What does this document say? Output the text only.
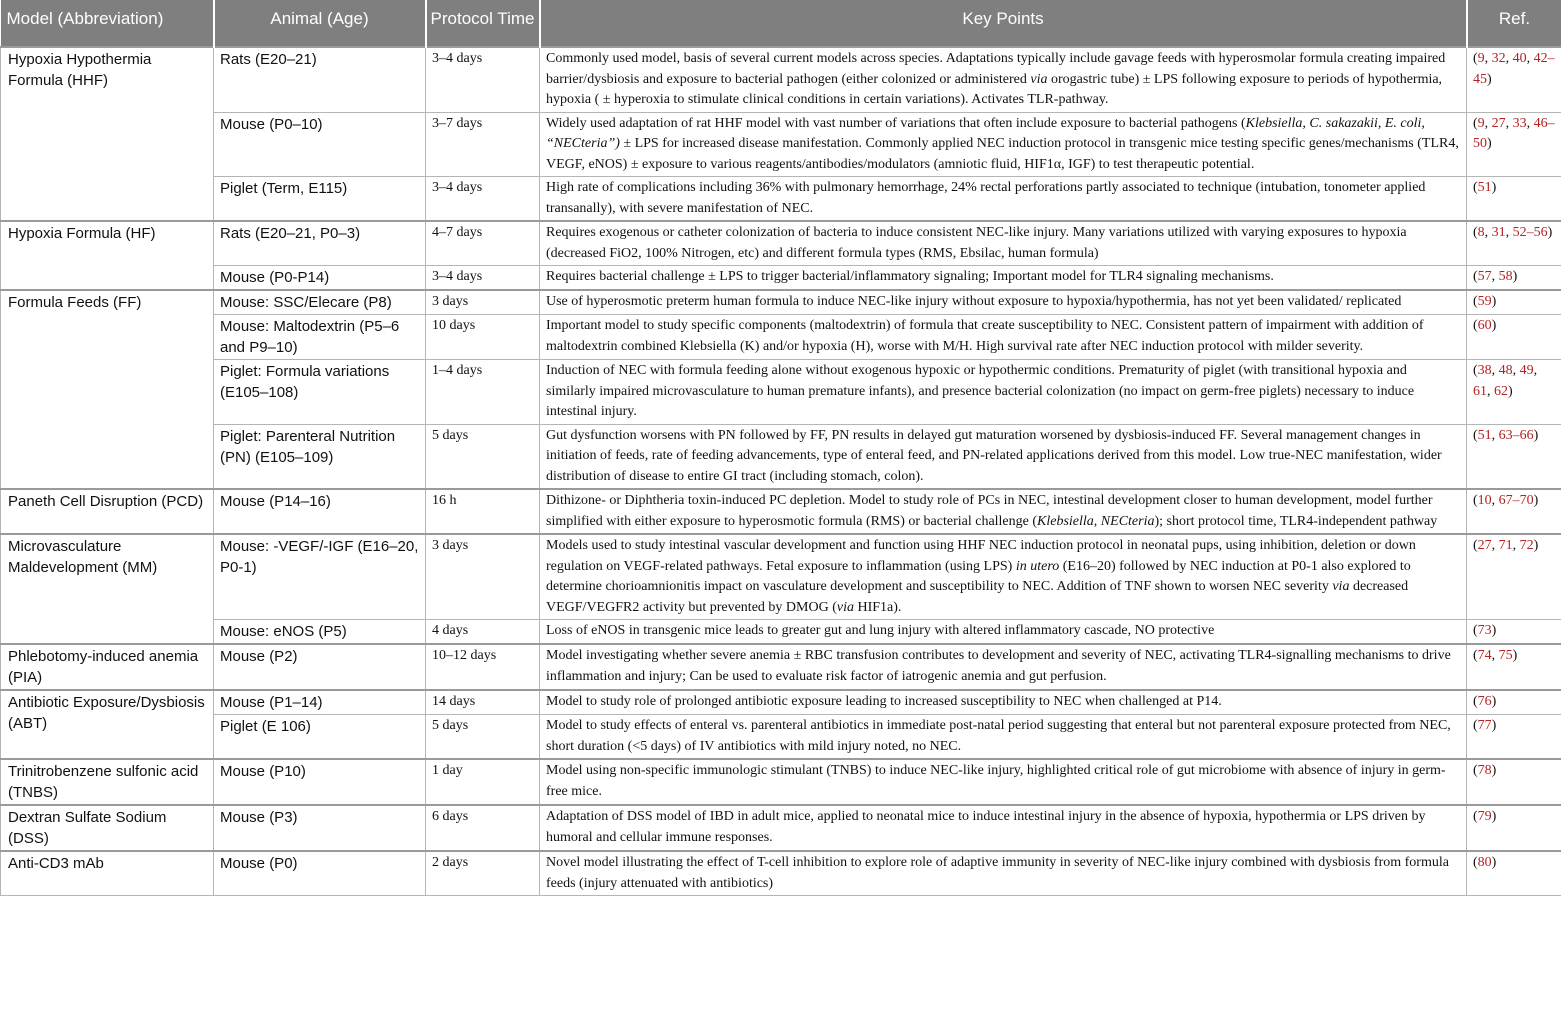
Model (Abbreviation)	Animal (Age)	Protocol Time	Key Points	Ref.
Hypoxia Hypothermia Formula (HHF)	Rats (E20–21)	3–4 days	Commonly used model, basis of several current models across species. Adaptations typically include gavage feeds with hyperosmolar formula creating impaired barrier/dysbiosis and exposure to bacterial pathogen (either colonized or administered via orogastric tube) ± LPS following exposure to periods of hypothermia, hypoxia ( ± hyperoxia to stimulate clinical conditions in certain variations). Activates TLR-pathway.	(9, 32, 40, 42–45)
	Mouse (P0–10)	3–7 days	Widely used adaptation of rat HHF model with vast number of variations that often include exposure to bacterial pathogens (Klebsiella, C. sakazakii, E. coli, “NECteria”) ± LPS for increased disease manifestation. Commonly applied NEC induction protocol in transgenic mice testing specific genes/mechanisms (TLR4, VEGF, eNOS) ± exposure to various reagents/antibodies/modulators (amniotic fluid, HIF1α, IGF) to test therapeutic potential.	(9, 27, 33, 46–50)
	Piglet (Term, E115)	3–4 days	High rate of complications including 36% with pulmonary hemorrhage, 24% rectal perforations partly associated to technique (intubation, tonometer applied transanally), with severe manifestation of NEC.	(51)
Hypoxia Formula (HF)	Rats (E20–21, P0–3)	4–7 days	Requires exogenous or catheter colonization of bacteria to induce consistent NEC-like injury. Many variations utilized with varying exposures to hypoxia (decreased FiO2, 100% Nitrogen, etc) and different formula types (RMS, Ebsilac, human formula)	(8, 31, 52–56)
	Mouse (P0-P14)	3–4 days	Requires bacterial challenge ± LPS to trigger bacterial/inflammatory signaling; Important model for TLR4 signaling mechanisms.	(57, 58)
Formula Feeds (FF)	Mouse: SSC/Elecare (P8)	3 days	Use of hyperosmotic preterm human formula to induce NEC-like injury without exposure to hypoxia/hypothermia, has not yet been validated/ replicated	(59)
	Mouse: Maltodextrin (P5–6 and P9–10)	10 days	Important model to study specific components (maltodextrin) of formula that create susceptibility to NEC. Consistent pattern of impairment with addition of maltodextrin combined Klebsiella (K) and/or hypoxia (H), worse with M/H. High survival rate after NEC induction protocol with milder severity.	(60)
	Piglet: Formula variations (E105–108)	1–4 days	Induction of NEC with formula feeding alone without exogenous hypoxic or hypothermic conditions. Prematurity of piglet (with transitional hypoxia and similarly impaired microvasculature to human premature infants), and presence bacterial colonization (no impact on germ-free piglets) necessary to induce intestinal injury.	(38, 48, 49, 61, 62)
	Piglet: Parenteral Nutrition (PN) (E105–109)	5 days	Gut dysfunction worsens with PN followed by FF, PN results in delayed gut maturation worsened by dysbiosis-induced FF. Several management changes in initiation of feeds, rate of feeding advancements, type of enteral feed, and PN-related applications derived from this model. Low true-NEC manifestation, wider distribution of disease to entire GI tract (including stomach, colon).	(51, 63–66)
Paneth Cell Disruption (PCD)	Mouse (P14–16)	16 h	Dithizone- or Diphtheria toxin-induced PC depletion. Model to study role of PCs in NEC, intestinal development closer to human development, model further simplified with either exposure to hyperosmotic formula (RMS) or bacterial challenge (Klebsiella, NECteria); short protocol time, TLR4-independent pathway	(10, 67–70)
Microvasculature Maldevelopment (MM)	Mouse: -VEGF/-IGF (E16–20, P0-1)	3 days	Models used to study intestinal vascular development and function using HHF NEC induction protocol in neonatal pups, using inhibition, deletion or down regulation on VEGF-related pathways. Fetal exposure to inflammation (using LPS) in utero (E16–20) followed by NEC induction at P0-1 also explored to determine chorioamnionitis impact on vasculature development and susceptibility to NEC. Addition of TNF shown to worsen NEC severity via decreased VEGF/VEGFR2 activity but prevented by DMOG (via HIF1a).	(27, 71, 72)
	Mouse: eNOS (P5)	4 days	Loss of eNOS in transgenic mice leads to greater gut and lung injury with altered inflammatory cascade, NO protective	(73)
Phlebotomy-induced anemia (PIA)	Mouse (P2)	10–12 days	Model investigating whether severe anemia ± RBC transfusion contributes to development and severity of NEC, activating TLR4-signalling mechanisms to drive inflammation and injury; Can be used to evaluate risk factor of iatrogenic anemia and gut perfusion.	(74, 75)
Antibiotic Exposure/Dysbiosis (ABT)	Mouse (P1–14)	14 days	Model to study role of prolonged antibiotic exposure leading to increased susceptibility to NEC when challenged at P14.	(76)
	Piglet (E 106)	5 days	Model to study effects of enteral vs. parenteral antibiotics in immediate post-natal period suggesting that enteral but not parenteral exposure protected from NEC, short duration (<5 days) of IV antibiotics with mild injury noted, no NEC.	(77)
Trinitrobenzene sulfonic acid (TNBS)	Mouse (P10)	1 day	Model using non-specific immunologic stimulant (TNBS) to induce NEC-like injury, highlighted critical role of gut microbiome with absence of injury in germ-free mice.	(78)
Dextran Sulfate Sodium (DSS)	Mouse (P3)	6 days	Adaptation of DSS model of IBD in adult mice, applied to neonatal mice to induce intestinal injury in the absence of hypoxia, hypothermia or LPS driven by humoral and cellular immune responses.	(79)
Anti-CD3 mAb	Mouse (P0)	2 days	Novel model illustrating the effect of T-cell inhibition to explore role of adaptive immunity in severity of NEC-like injury combined with dysbiosis from formula feeds (injury attenuated with antibiotics)	(80)
